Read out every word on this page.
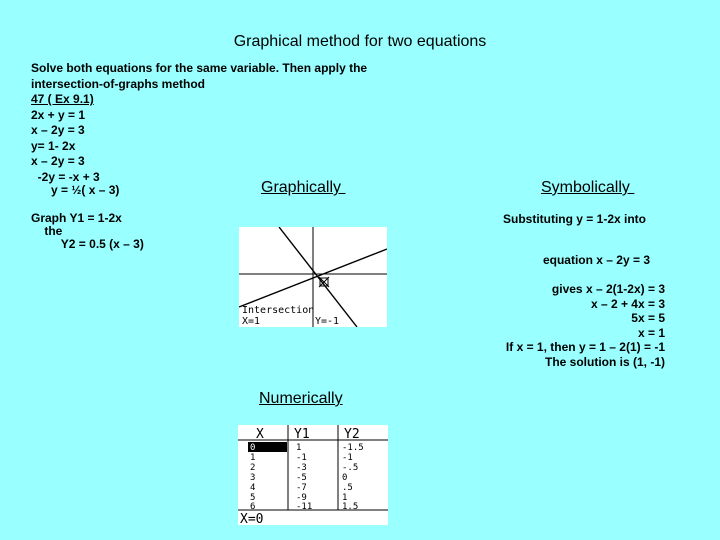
Graphical method for two equations
Solve both equations for the same variable. Then apply the
intersection-of-graphs method
47 ( Ex 9.1)
2x + y = 1
x – 2y = 3
y= 1- 2x
x – 2y = 3
-2y = -x + 3
y = ½( x – 3)
Graph Y1 = 1-2x
the
Y2 = 0.5 (x – 3)
Graphically	Symbolically
Numerically
Substituting y = 1-2x into
equation x – 2y = 3
gives x – 2(1-2x) = 3
x – 2 + 4x = 3
5x = 5
x = 1
If x = 1, then y = 1 – 2(1) = -1
The solution is (1, -1)
Intersection
X=1	Y=-1
X Y1	Y2
0	1	-1.5
1	-1	-1
2	-3	-.5
3	-5	0
4	-7	.5
5	-9	1
6	-11	1.5
X=0
